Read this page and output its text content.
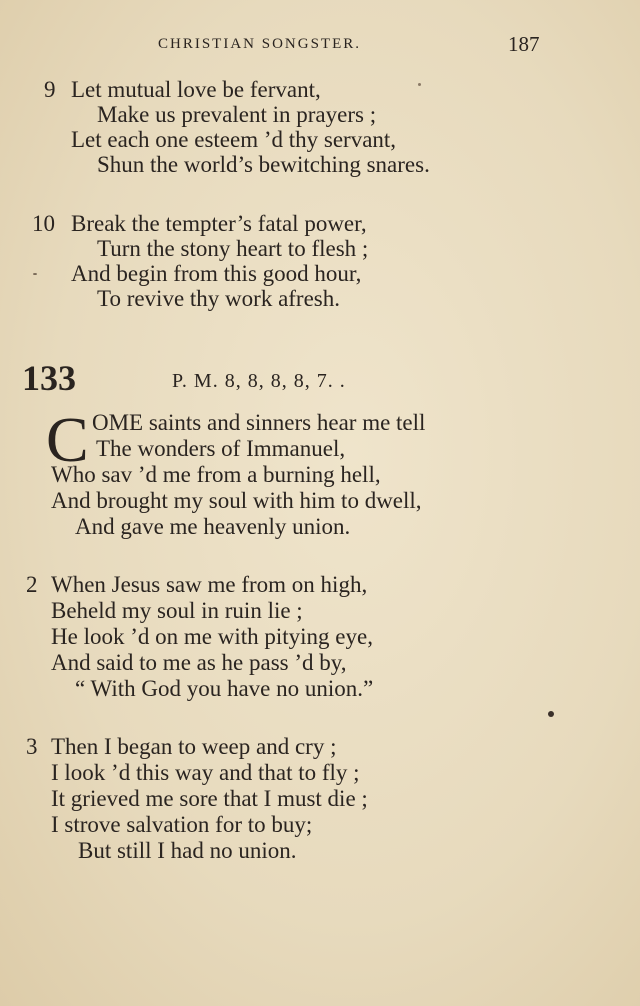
CHRISTIAN SONGSTER.	187
9 Let mutual love be fervant,
Make us prevalent in prayers ;
Let each one esteem ’d thy servant,
Shun the world’s bewitching snares.
10 Break the tempter’s fatal power,
Turn the stony heart to flesh ;
And begin from this good hour,
To revive thy work afresh.
133	P. M. 8, 8, 8, 8, 7. .
C OME saints and sinners hear me tell
The wonders of Immanuel,
Who sav ’d me from a burning hell,
And brought my soul with him to dwell,
And gave me heavenly union.
2 When Jesus saw me from on high,
Beheld my soul in ruin lie ;
He look ’d on me with pitying eye,
And said to me as he pass ’d by,
“ With God you have no union.”
3 Then I began to weep and cry ;
I look ’d this way and that to fly ;
It grieved me sore that I must die ;
I strove salvation for to buy;
But still I had no union.
